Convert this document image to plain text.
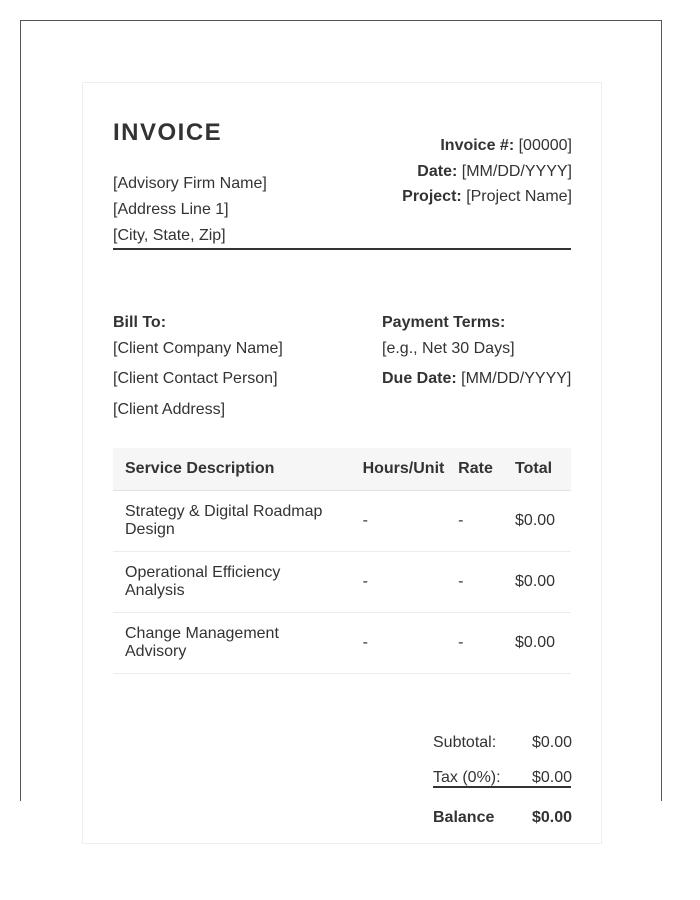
INVOICE
[Advisory Firm Name]
[Address Line 1]
[City, State, Zip]
Invoice #: [00000]
Date: [MM/DD/YYYY]
Project: [Project Name]
Bill To:
[Client Company Name]
[Client Contact Person]
[Client Address]
Payment Terms:
[e.g., Net 30 Days]
Due Date: [MM/DD/YYYY]
Service Description	Hours/Unit	Rate	Total
Strategy & Digital Roadmap Design	-	-	$0.00
Operational Efficiency Analysis	-	-	$0.00
Change Management Advisory	-	-	$0.00
Subtotal: $0.00
Tax (0%): $0.00
Balance $0.00
